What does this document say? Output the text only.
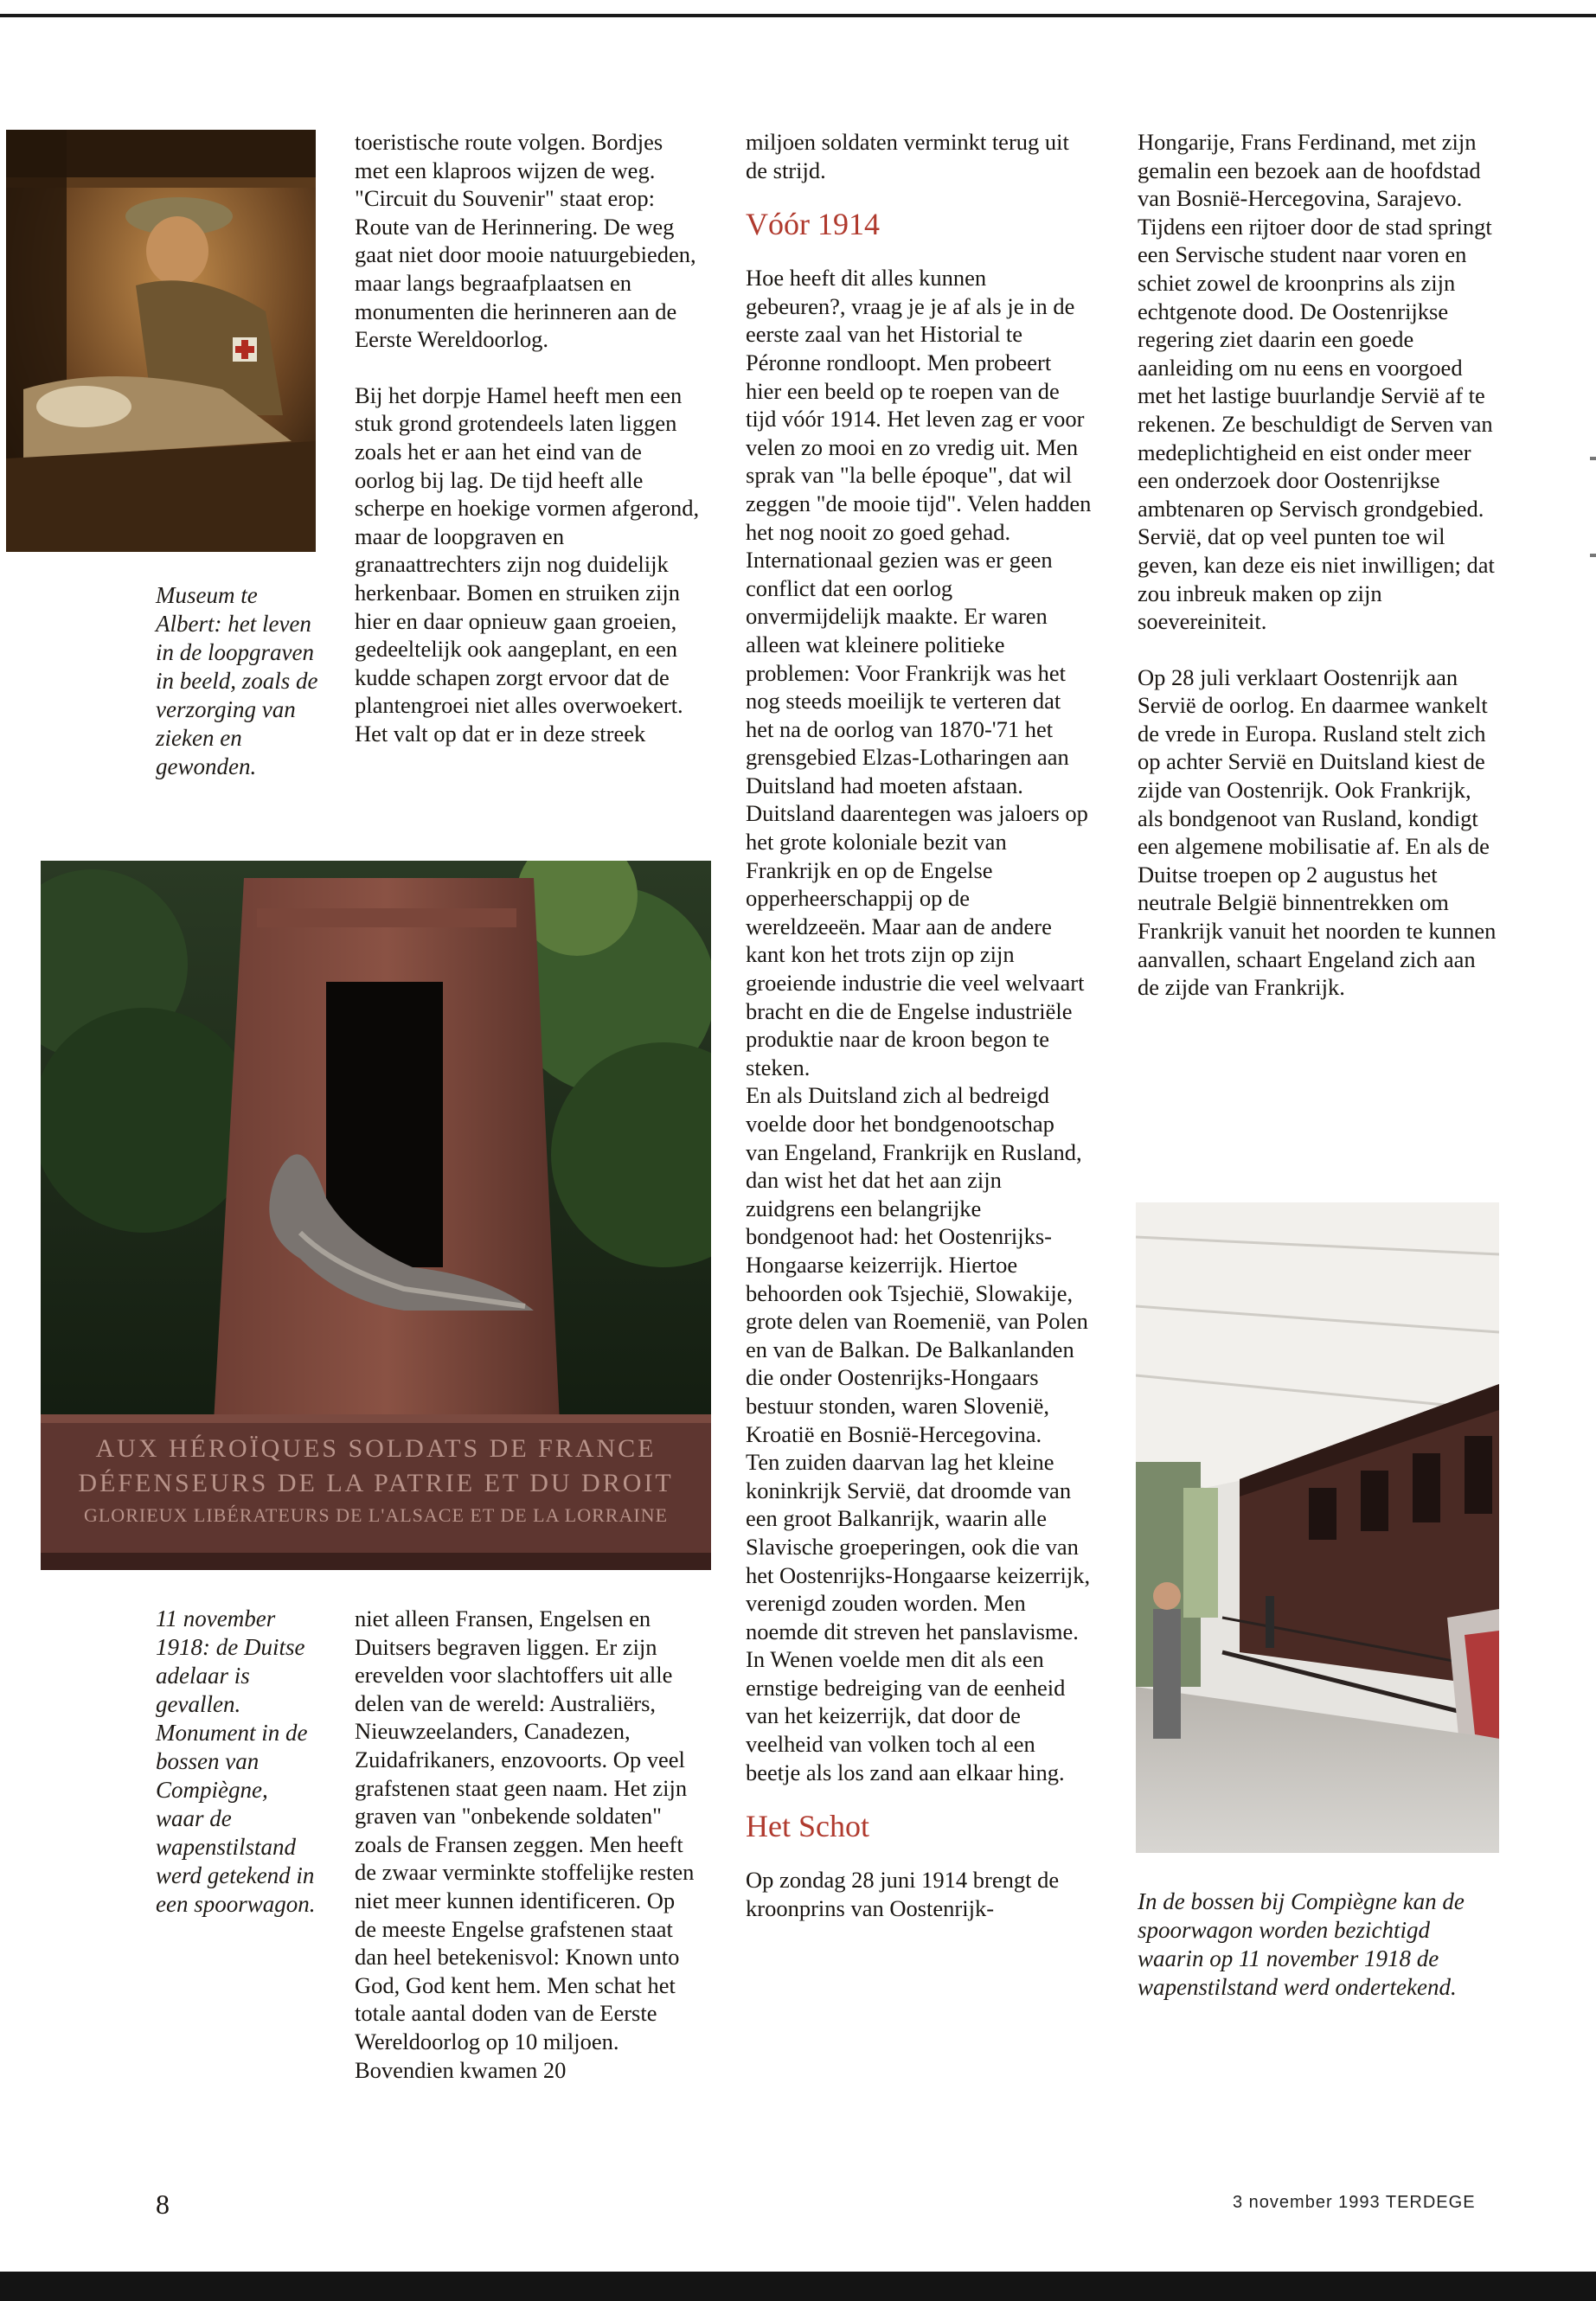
Museum te Albert: het leven in de loopgraven in beeld, zoals de verzorging van zieken en gewonden.
AUX HÉROÏQUES SOLDATS DE FRANCE
DÉFENSEURS DE LA PATRIE ET DU DROIT
GLORIEUX LIBÉRATEURS DE L'ALSACE ET DE LA LORRAINE
11 november 1918: de Duitse adelaar is gevallen. Monument in de bossen van Compiègne, waar de wapenstilstand werd getekend in een spoorwagon.

toeristische route volgen. Bordjes met een klaproos wijzen de weg. "Circuit du Souvenir" staat erop: Route van de Herinnering. De weg gaat niet door mooie natuurgebieden, maar langs begraafplaatsen en monumenten die herinneren aan de Eerste Wereldoorlog.

Bij het dorpje Hamel heeft men een stuk grond grotendeels laten liggen zoals het er aan het eind van de oorlog bij lag. De tijd heeft alle scherpe en hoekige vormen afgerond, maar de loopgraven en granaattrechters zijn nog duidelijk herkenbaar. Bomen en struiken zijn hier en daar opnieuw gaan groeien, gedeeltelijk ook aangeplant, en een kudde schapen zorgt ervoor dat de plantengroei niet alles overwoekert.

Het valt op dat er in deze streek

niet alleen Fransen, Engelsen en Duitsers begraven liggen. Er zijn erevelden voor slachtoffers uit alle delen van de wereld: Australiërs, Nieuwzeelanders, Canadezen, Zuidafrikaners, enzovoorts. Op veel grafstenen staat geen naam. Het zijn graven van "onbekende soldaten" zoals de Fransen zeggen. Men heeft de zwaar verminkte stoffelijke resten niet meer kunnen identificeren. Op de meeste Engelse grafstenen staat dan heel betekenisvol: Known unto God, God kent hem. Men schat het totale aantal doden van de Eerste Wereldoorlog op 10 miljoen. Bovendien kwamen 20

miljoen soldaten verminkt terug uit de strijd.

Vóór 1914

Hoe heeft dit alles kunnen gebeuren?, vraag je je af als je in de eerste zaal van het Historial te Péronne rondloopt. Men probeert hier een beeld op te roepen van de tijd vóór 1914. Het leven zag er voor velen zo mooi en zo vredig uit. Men sprak van "la belle époque", dat wil zeggen "de mooie tijd". Velen hadden het nog nooit zo goed gehad.

Internationaal gezien was er geen conflict dat een oorlog onvermijdelijk maakte. Er waren alleen wat kleinere politieke problemen: Voor Frankrijk was het nog steeds moeilijk te verteren dat het na de oorlog van 1870-'71 het grensgebied Elzas-Lotharingen aan Duitsland had moeten afstaan. Duitsland daarentegen was jaloers op het grote koloniale bezit van Frankrijk en op de Engelse opperheerschappij op de wereldzeeën. Maar aan de andere kant kon het trots zijn op zijn groeiende industrie die veel welvaart bracht en die de Engelse industriële produktie naar de kroon begon te steken.

En als Duitsland zich al bedreigd voelde door het bondgenootschap van Engeland, Frankrijk en Rusland, dan wist het dat het aan zijn zuidgrens een belangrijke bondgenoot had: het Oostenrijks-Hongaarse keizerrijk. Hiertoe behoorden ook Tsjechië, Slowakije, grote delen van Roemenië, van Polen en van de Balkan. De Balkanlanden die onder Oostenrijks-Hongaars bestuur stonden, waren Slovenië, Kroatië en Bosnië-Hercegovina.

Ten zuiden daarvan lag het kleine koninkrijk Servië, dat droomde van een groot Balkanrijk, waarin alle Slavische groeperingen, ook die van het Oostenrijks-Hongaarse keizerrijk, verenigd zouden worden. Men noemde dit streven het panslavisme. In Wenen voelde men dit als een ernstige bedreiging van de eenheid van het keizerrijk, dat door de veelheid van volken toch al een beetje als los zand aan elkaar hing.

Het Schot

Op zondag 28 juni 1914 brengt de kroonprins van Oostenrijk-

Hongarije, Frans Ferdinand, met zijn gemalin een bezoek aan de hoofdstad van Bosnië-Hercegovina, Sarajevo. Tijdens een rijtoer door de stad springt een Servische student naar voren en schiet zowel de kroonprins als zijn echtgenote dood. De Oostenrijkse regering ziet daarin een goede aanleiding om nu eens en voorgoed met het lastige buurlandje Servië af te rekenen. Ze beschuldigt de Serven van medeplichtigheid en eist onder meer een onderzoek door Oostenrijkse ambtenaren op Servisch grondgebied. Servië, dat op veel punten toe wil geven, kan deze eis niet inwilligen; dat zou inbreuk maken op zijn soevereiniteit.

Op 28 juli verklaart Oostenrijk aan Servië de oorlog. En daarmee wankelt de vrede in Europa. Rusland stelt zich op achter Servië en Duitsland kiest de zijde van Oostenrijk. Ook Frankrijk, als bondgenoot van Rusland, kondigt een algemene mobilisatie af. En als de Duitse troepen op 2 augustus het neutrale België binnentrekken om Frankrijk vanuit het noorden te kunnen aanvallen, schaart Engeland zich aan de zijde van Frankrijk.

In de bossen bij Compiègne kan de spoorwagon worden bezichtigd waarin op 11 november 1918 de wapenstilstand werd ondertekend.
8	3 november 1993 TERDEGE
